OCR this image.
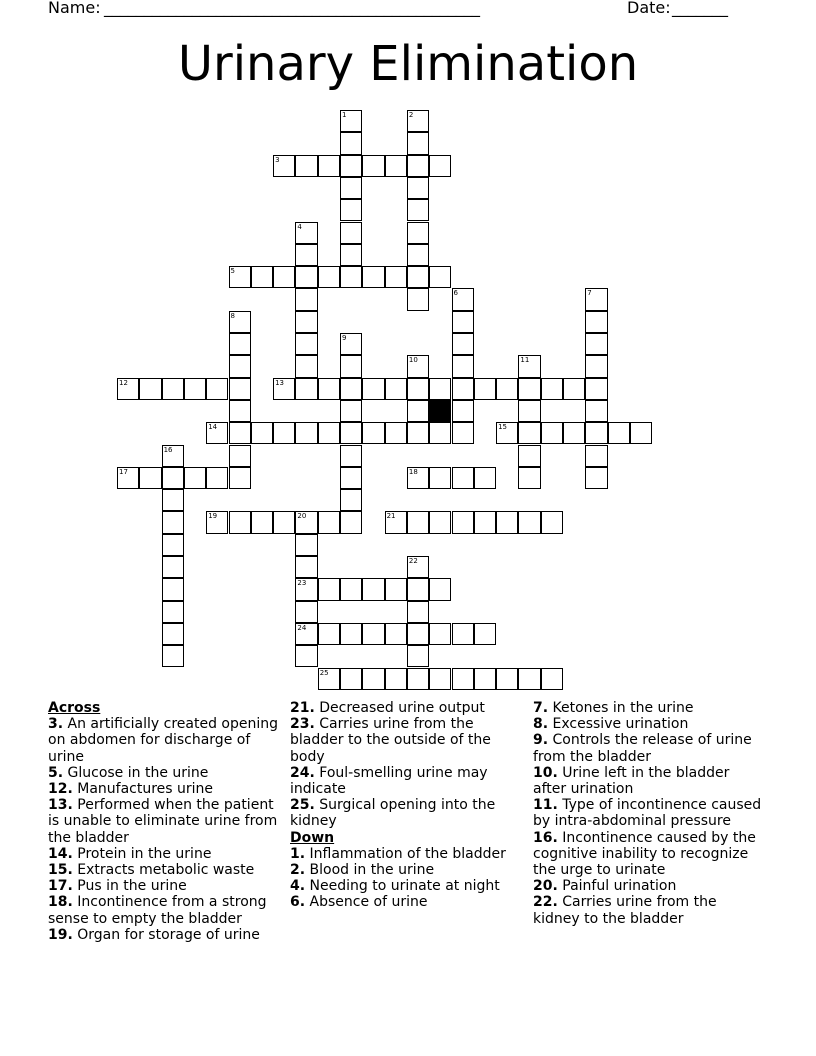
Name: _______________________________________________	Date: _______
Urinary Elimination
1	2
3
4
5
6	7
8
9
10	11
12	13
14	15
16
17	18
19	20
23
24
21
22
25
Across
3. An artificially created opening on abdomen for discharge of urine
5. Glucose in the urine
12. Manufactures urine
13. Performed when the patient is unable to eliminate urine from the bladder
14. Protein in the urine
15. Extracts metabolic waste
17. Pus in the urine
18. Incontinence from a strong sense to empty the bladder
19. Organ for storage of urine
21. Decreased urine output
23. Carries urine from the bladder to the outside of the body
24. Foul-smelling urine may indicate
25. Surgical opening into the kidney
Down
1. Inflammation of the bladder
2. Blood in the urine
4. Needing to urinate at night
6. Absence of urine
7. Ketones in the urine
8. Excessive urination
9. Controls the release of urine from the bladder
10. Urine left in the bladder after urination
11. Type of incontinence caused by intra-abdominal pressure
16. Incontinence caused by the cognitive inability to recognize the urge to urinate
20. Painful urination
22. Carries urine from the kidney to the bladder
